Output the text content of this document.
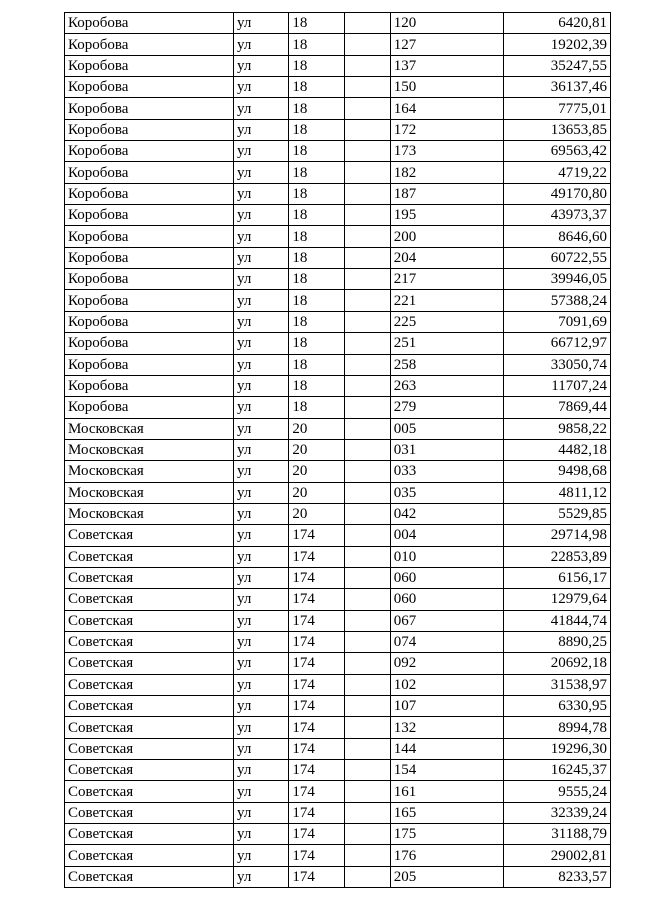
Коробова	ул	18		120	6420,81
Коробова	ул	18		127	19202,39
Коробова	ул	18		137	35247,55
Коробова	ул	18		150	36137,46
Коробова	ул	18		164	7775,01
Коробова	ул	18		172	13653,85
Коробова	ул	18		173	69563,42
Коробова	ул	18		182	4719,22
Коробова	ул	18		187	49170,80
Коробова	ул	18		195	43973,37
Коробова	ул	18		200	8646,60
Коробова	ул	18		204	60722,55
Коробова	ул	18		217	39946,05
Коробова	ул	18		221	57388,24
Коробова	ул	18		225	7091,69
Коробова	ул	18		251	66712,97
Коробова	ул	18		258	33050,74
Коробова	ул	18		263	11707,24
Коробова	ул	18		279	7869,44
Московская	ул	20		005	9858,22
Московская	ул	20		031	4482,18
Московская	ул	20		033	9498,68
Московская	ул	20		035	4811,12
Московская	ул	20		042	5529,85
Советская	ул	174		004	29714,98
Советская	ул	174		010	22853,89
Советская	ул	174		060	6156,17
Советская	ул	174		060	12979,64
Советская	ул	174		067	41844,74
Советская	ул	174		074	8890,25
Советская	ул	174		092	20692,18
Советская	ул	174		102	31538,97
Советская	ул	174		107	6330,95
Советская	ул	174		132	8994,78
Советская	ул	174		144	19296,30
Советская	ул	174		154	16245,37
Советская	ул	174		161	9555,24
Советская	ул	174		165	32339,24
Советская	ул	174		175	31188,79
Советская	ул	174		176	29002,81
Советская	ул	174		205	8233,57
